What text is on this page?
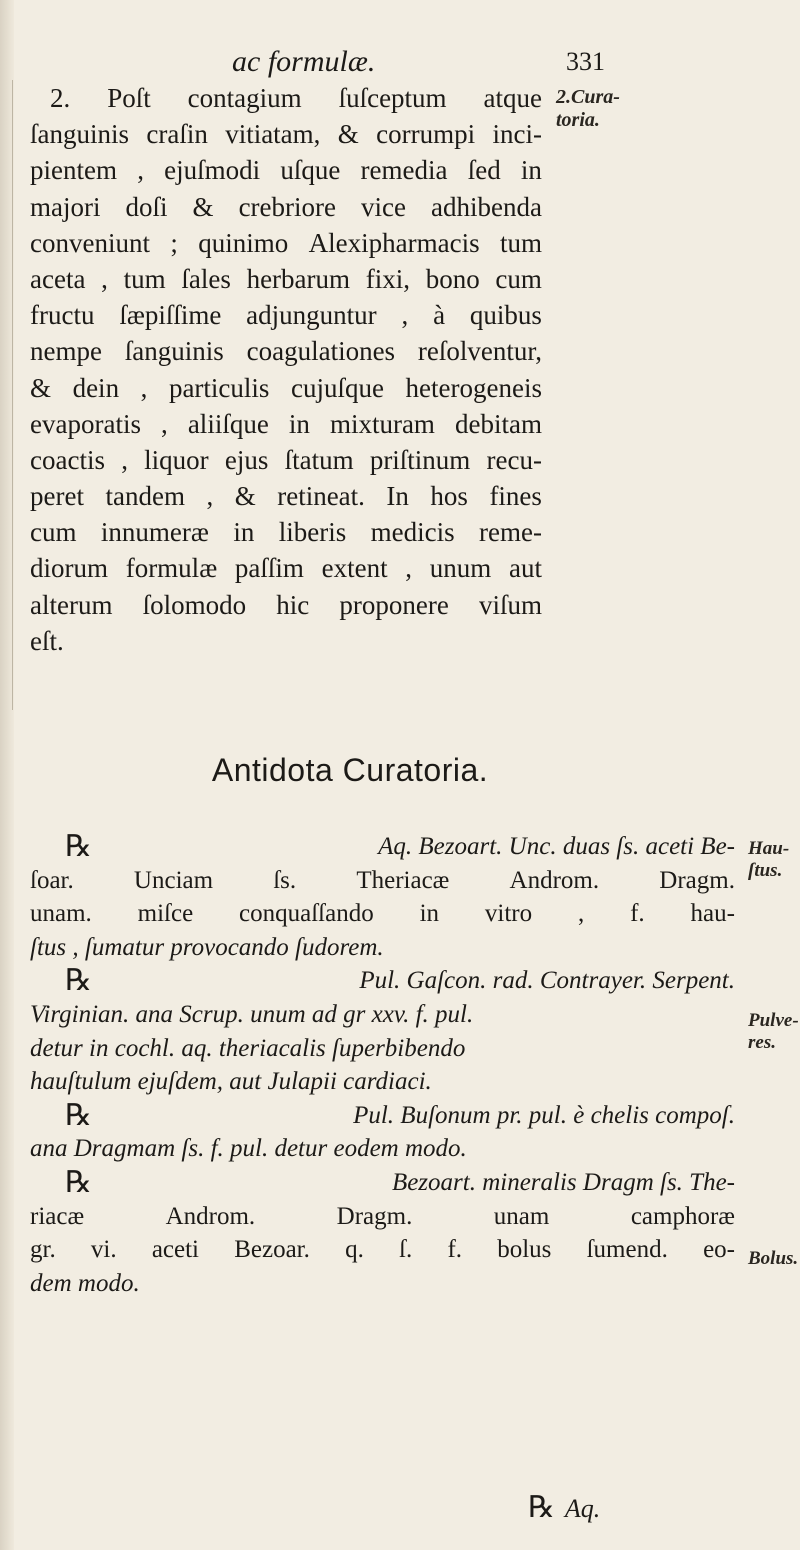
ac formulæ.	331
2. Poſt contagium ſuſceptum atque
ſanguinis craſin vitiatam, & corrumpi inci-
pientem , ejuſmodi uſque remedia ſed in
majori doſi & crebriore vice adhibenda
conveniunt ; quinimo Alexipharmacis tum
aceta , tum ſales herbarum fixi, bono cum
fructu ſæpiſſime adjunguntur , à quibus
nempe ſanguinis coagulationes reſolventur,
& dein , particulis cujuſque heterogeneis
evaporatis , aliiſque in mixturam debitam
coactis , liquor ejus ſtatum priſtinum recu-
peret tandem , & retineat. In hos fines
cum innumeræ in liberis medicis reme-
diorum formulæ paſſim extent , unum aut
alterum ſolomodo hic proponere viſum
eſt.
2.Cura-
toria.
Antidota Curatoria.
℞	Aq. Bezoart. Unc. duas ſs. aceti Be-
ſoar. Unciam ſs. Theriacæ Androm. Dragm.
unam. miſce conquaſſando in vitro , f. hau-
ſtus , ſumatur provocando ſudorem.
℞	Pul. Gaſcon. rad. Contrayer. Serpent.
Virginian. ana Scrup. unum ad gr xxv. f. pul.
detur in cochl. aq. theriacalis ſuperbibendo
hauſtulum ejuſdem, aut Julapii cardiaci.
℞	Pul. Buſonum pr. pul. è chelis compoſ.
ana Dragmam ſs. f. pul. detur eodem modo.
℞	Bezoart. mineralis Dragm ſs. The-
riacæ	Androm.	Dragm.	unam	camphoræ
gr. vi. aceti Bezoar. q. ſ. f. bolus ſumend. eo-
dem modo.
Hau-
ſtus.
Pulve-
res.
Bolus.
℞ Aq.
